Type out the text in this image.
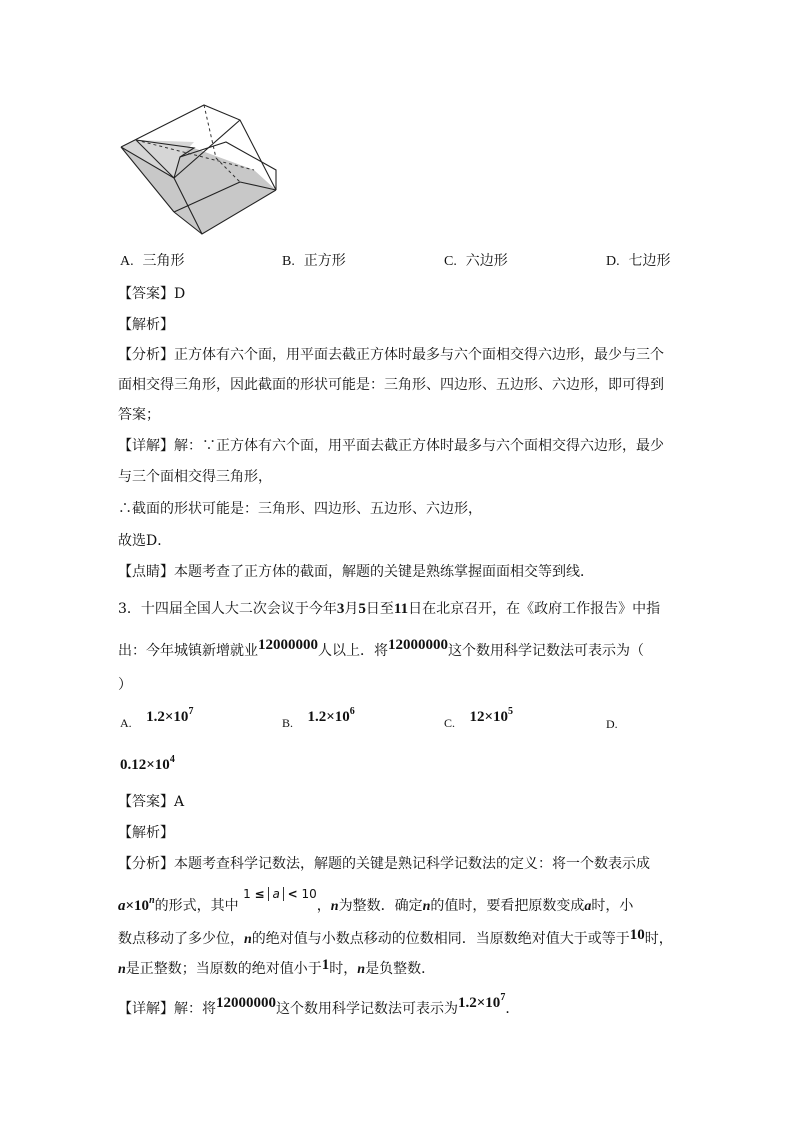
A. 三角形	B. 正方形	C. 六边形	D. 七边形
【答案】D
【解析】
【分析】正方体有六个面，用平面去截正方体时最多与六个面相交得六边形，最少与三个
面相交得三角形，因此截面的形状可能是：三角形、四边形、五边形、六边形，即可得到
答案；
【详解】解：∵正方体有六个面，用平面去截正方体时最多与六个面相交得六边形，最少
与三个面相交得三角形，
∴截面的形状可能是：三角形、四边形、五边形、六边形，
故选D．
【点睛】本题考查了正方体的截面，解题的关键是熟练掌握面面相交等到线．
3．十四届全国人大二次会议于今年3月5日至11日在北京召开，在《政府工作报告》中指
出：今年城镇新增就业12000000人以上．将12000000这个数用科学记数法可表示为（
）
A. $1.2\times 10^7$
B. $1.2\times 10^6$
C. $12\times 10^5$
D.
$0.12\times 10^4$
【答案】A
【解析】
【分析】本题考查科学记数法，解题的关键是熟记科学记数法的定义：将一个数表示成
$a\times 10^n$的形式，其中 1 ≤ a < 10，n为整数．确定n的值时，要看把原数变成a时，小
数点移动了多少位，n的绝对值与小数点移动的位数相同．当原数绝对值大于或等于10时，
n是正整数；当原数的绝对值小于1时，n是负整数．
【详解】解：将12000000这个数用科学记数法可表示为$1.2\times 10^7$．
